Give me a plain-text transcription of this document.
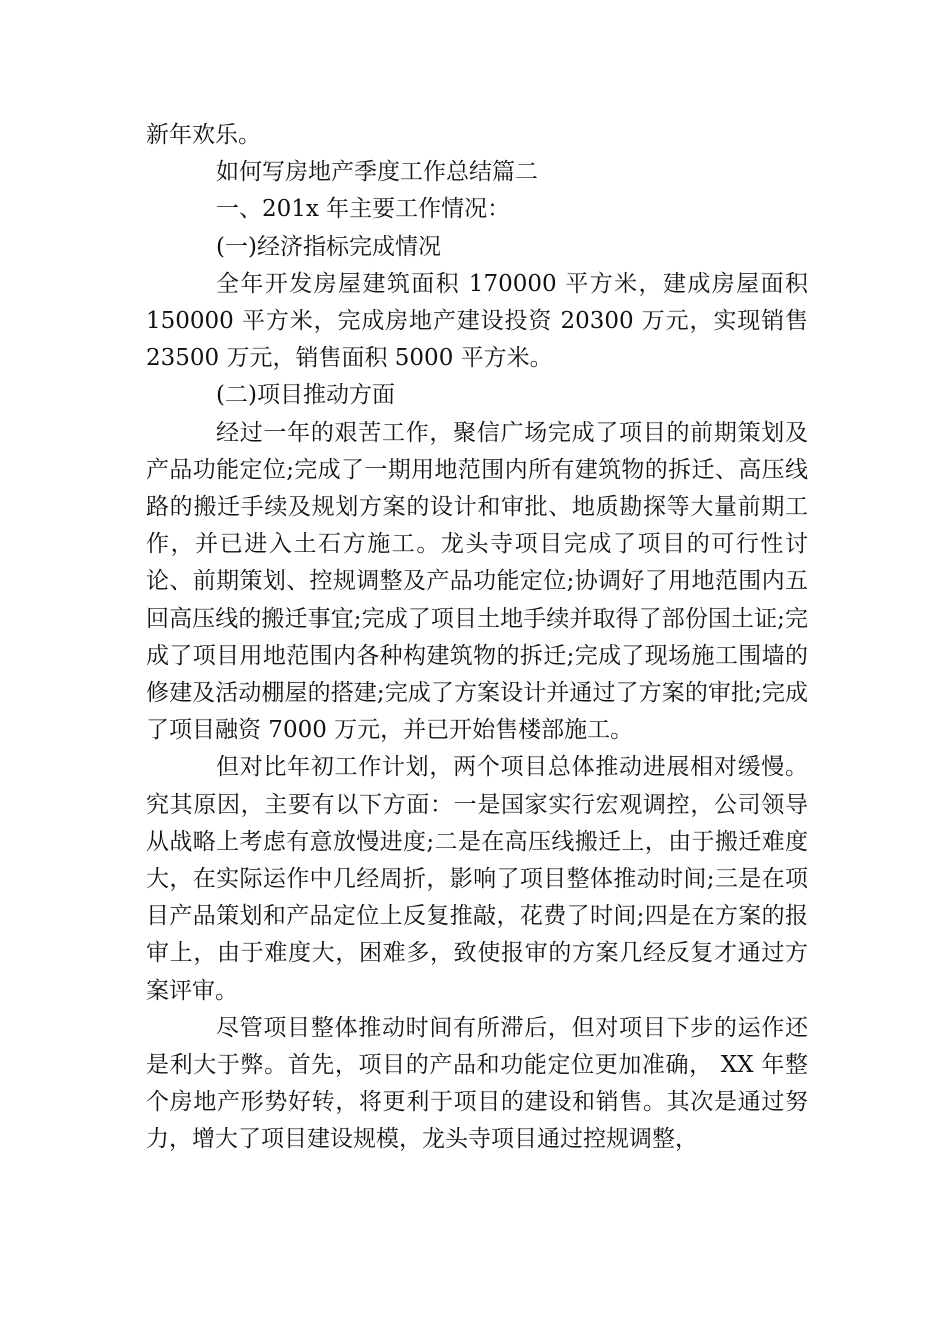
新年欢乐。

如何写房地产季度工作总结篇二

一、201x 年主要工作情况：

(一)经济指标完成情况

全年开发房屋建筑面积 170000 平方米，建成房屋面积 150000 平方米，完成房地产建设投资 20300 万元，实现销售 23500 万元，销售面积 5000 平方米。

(二)项目推动方面

经过一年的艰苦工作，聚信广场完成了项目的前期策划及产品功能定位;完成了一期用地范围内所有建筑物的拆迁、高压线路的搬迁手续及规划方案的设计和审批、地质勘探等大量前期工作，并已进入土石方施工。龙头寺项目完成了项目的可行性讨论、前期策划、控规调整及产品功能定位;协调好了用地范围内五回高压线的搬迁事宜;完成了项目土地手续并取得了部份国土证;完成了项目用地范围内各种构建筑物的拆迁;完成了现场施工围墙的修建及活动棚屋的搭建;完成了方案设计并通过了方案的审批;完成了项目融资 7000 万元，并已开始售楼部施工。

但对比年初工作计划，两个项目总体推动进展相对缓慢。究其原因，主要有以下方面：一是国家实行宏观调控，公司领导从战略上考虑有意放慢进度;二是在高压线搬迁上，由于搬迁难度大，在实际运作中几经周折，影响了项目整体推动时间;三是在项目产品策划和产品定位上反复推敲，花费了时间;四是在方案的报审上，由于难度大，困难多，致使报审的方案几经反复才通过方案评审。

尽管项目整体推动时间有所滞后，但对项目下步的运作还是利大于弊。首先，项目的产品和功能定位更加准确， XX 年整个房地产形势好转，将更利于项目的建设和销售。其次是通过努力，增大了项目建设规模，龙头寺项目通过控规调整，
